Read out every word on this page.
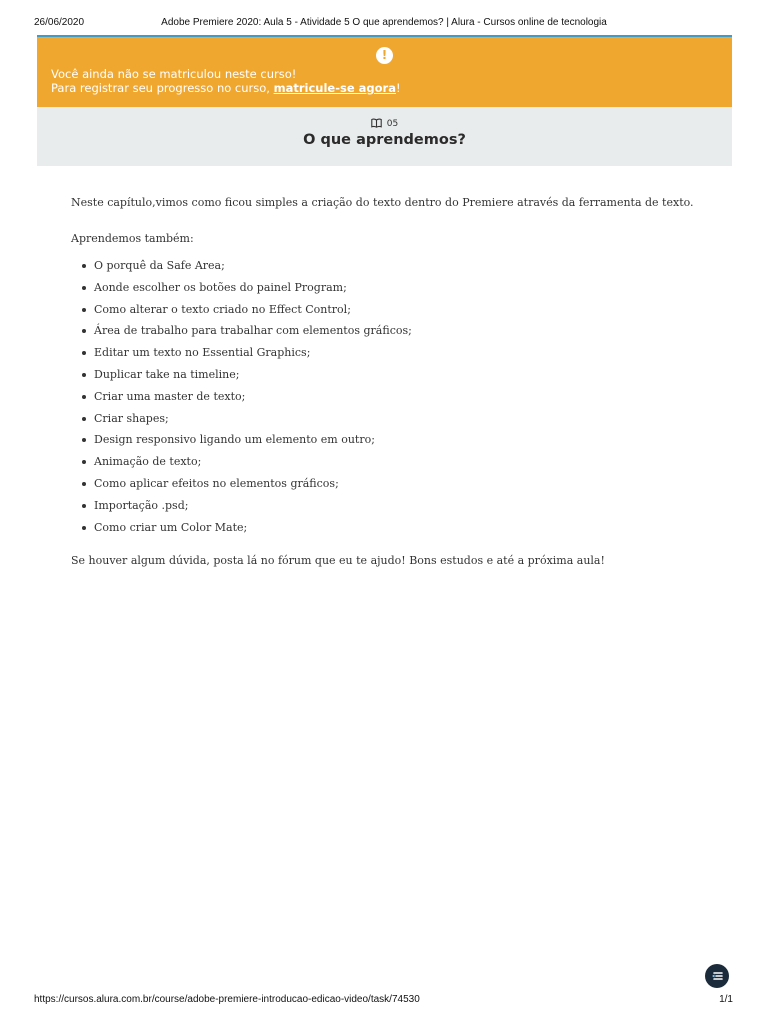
26/06/2020	Adobe Premiere 2020: Aula 5 - Atividade 5 O que aprendemos? | Alura - Cursos online de tecnologia
!
Você ainda não se matriculou neste curso!
Para registrar seu progresso no curso, matricule-se agora!
05
O que aprendemos?

Neste capítulo,vimos como ficou simples a criação do texto dentro do Premiere através da ferramenta de texto.

Aprendemos também:

O porquê da Safe Area;
Aonde escolher os botões do painel Program;
Como alterar o texto criado no Effect Control;
Área de trabalho para trabalhar com elementos gráficos;
Editar um texto no Essential Graphics;
Duplicar take na timeline;
Criar uma master de texto;
Criar shapes;
Design responsivo ligando um elemento em outro;
Animação de texto;
Como aplicar efeitos no elementos gráficos;
Importação .psd;
Como criar um Color Mate;

Se houver algum dúvida, posta lá no fórum que eu te ajudo! Bons estudos e até a próxima aula!

https://cursos.alura.com.br/course/adobe-premiere-introducao-edicao-video/task/74530	1/1
